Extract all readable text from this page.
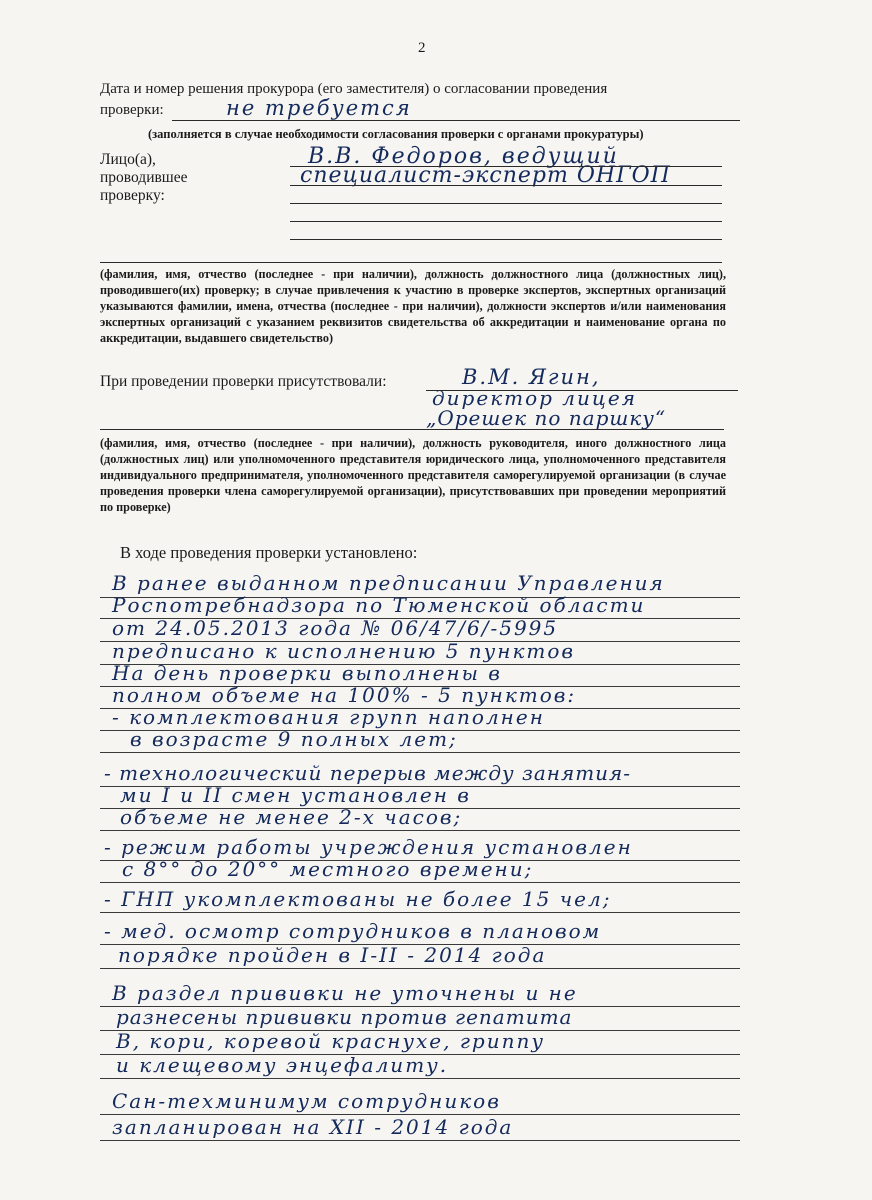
2
Дата и номер решения прокурора (его заместителя) о согласовании проведения
проверки:	не требуется
(заполняется в случае необходимости согласования проверки с органами прокуратуры)
Лицо(а),
проводившее
проверку:
В.В. Федоров, ведущий
специалист-эксперт ОНГОП
(фамилия, имя, отчество (последнее - при наличии), должность должностного лица (должностных лиц), проводившего(их) проверку; в случае привлечения к участию в проверке экспертов, экспертных организаций указываются фамилии, имена, отчества (последнее - при наличии), должности экспертов и/или наименования экспертных организаций с указанием реквизитов свидетельства об аккредитации и наименование органа по аккредитации, выдавшего свидетельство)
При проведении проверки присутствовали:	В.М. Ягин,
директор лицея
„Орешек по паршку“
(фамилия, имя, отчество (последнее - при наличии), должность руководителя, иного должностного лица (должностных лиц) или уполномоченного представителя юридического лица, уполномоченного представителя индивидуального предпринимателя, уполномоченного представителя саморегулируемой организации (в случае проведения проверки члена саморегулируемой организации), присутствовавших при проведении мероприятий по проверке)
В ходе проведения проверки установлено:
В ранее выданном предписании Управления
Роспотребнадзора по Тюменской области
от 24.05.2013 года № 06/47/6/-5995
предписано к исполнению 5 пунктов
На день проверки выполнены в
полном объеме на 100% - 5 пунктов:
- комплектования групп наполнен
в возрасте 9 полных лет;
- технологический перерыв между занятия-
ми I и II смен установлен в
объеме не менее 2-х часов;
- режим работы учреждения установлен
с 8°° до 20°° местного времени;
- ГНП укомплектованы не более 15 чел;
- мед. осмотр сотрудников в плановом
порядке пройден в I-II - 2014 года
В раздел прививки не уточнены и не
разнесены прививки против гепатита
В, кори, коревой краснухе, гриппу
и клещевому энцефалиту.
Сан-техминимум сотрудников
запланирован на XII - 2014 года
